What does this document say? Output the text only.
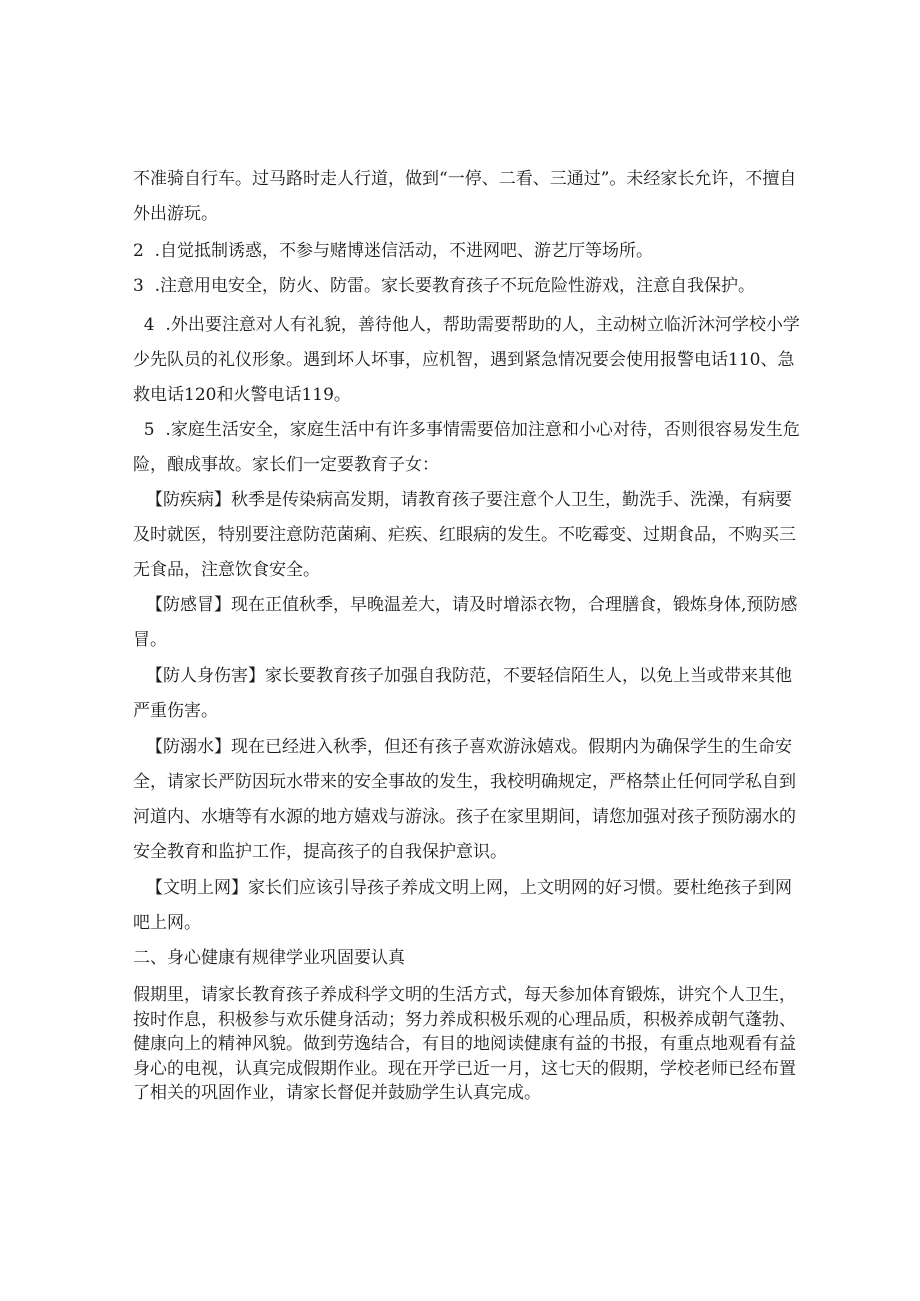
不准骑自行车。过马路时走人行道，做到“一停、二看、三通过”。未经家长允许，不擅自外出游玩。

2  .自觉抵制诱惑，不参与赌博迷信活动，不进网吧、游艺厅等场所。

3  .注意用电安全，防火、防雷。家长要教育孩子不玩危险性游戏，注意自我保护。

4  .外出要注意对人有礼貌，善待他人，帮助需要帮助的人，主动树立临沂沐河学校小学少先队员的礼仪形象。遇到坏人坏事，应机智，遇到紧急情况要会使用报警电话110、急救电话120和火警电话119。

5  .家庭生活安全，家庭生活中有许多事情需要倍加注意和小心对待，否则很容易发生危险，酿成事故。家长们一定要教育子女：

【防疾病】秋季是传染病高发期，请教育孩子要注意个人卫生，勤洗手、洗澡，有病要及时就医，特别要注意防范菌痢、疟疾、红眼病的发生。不吃霉变、过期食品，不购买三无食品，注意饮食安全。

【防感冒】现在正值秋季，早晚温差大，请及时增添衣物，合理膳食，锻炼身体,预防感冒。

【防人身伤害】家长要教育孩子加强自我防范，不要轻信陌生人，以免上当或带来其他严重伤害。

【防溺水】现在已经进入秋季，但还有孩子喜欢游泳嬉戏。假期内为确保学生的生命安全，请家长严防因玩水带来的安全事故的发生，我校明确规定，严格禁止任何同学私自到河道内、水塘等有水源的地方嬉戏与游泳。孩子在家里期间，请您加强对孩子预防溺水的安全教育和监护工作，提高孩子的自我保护意识。

【文明上网】家长们应该引导孩子养成文明上网，上文明网的好习惯。要杜绝孩子到网吧上网。

二、身心健康有规律学业巩固要认真

假期里，请家长教育孩子养成科学文明的生活方式，每天参加体育锻炼，讲究个人卫生，按时作息，积极参与欢乐健身活动；努力养成积极乐观的心理品质，积极养成朝气蓬勃、健康向上的精神风貌。做到劳逸结合，有目的地阅读健康有益的书报，有重点地观看有益身心的电视，认真完成假期作业。现在开学已近一月，这七天的假期，学校老师已经布置了相关的巩固作业，请家长督促并鼓励学生认真完成。
